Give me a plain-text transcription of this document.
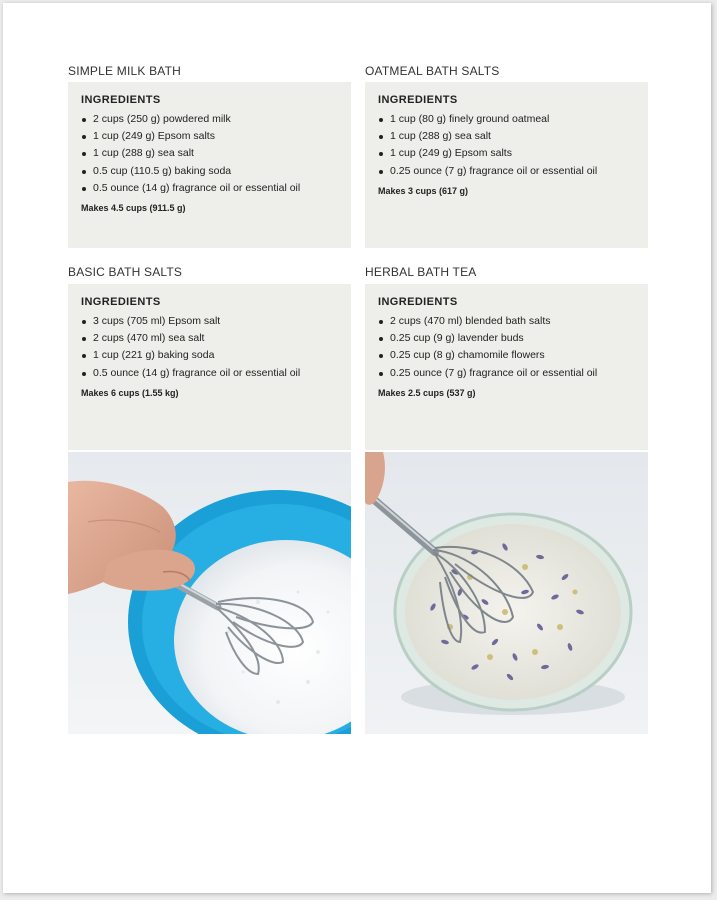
SIMPLE MILK BATH
INGREDIENTS
2 cups (250 g) powdered milk
1 cup (249 g) Epsom salts
1 cup (288 g) sea salt
0.5 cup (110.5 g) baking soda
0.5 ounce (14 g) fragrance oil or essential oil
Makes 4.5 cups (911.5 g)
BASIC BATH SALTS
INGREDIENTS
3 cups (705 ml) Epsom salt
2 cups (470 ml) sea salt
1 cup (221 g) baking soda
0.5 ounce (14 g) fragrance oil or essential oil
Makes 6 cups (1.55 kg)
OATMEAL BATH SALTS
INGREDIENTS
1 cup (80 g) finely ground oatmeal
1 cup (288 g) sea salt
1 cup (249 g) Epsom salts
0.25 ounce (7 g) fragrance oil or essential oil
Makes 3 cups (617 g)
HERBAL BATH TEA
INGREDIENTS
2 cups (470 ml) blended bath salts
0.25 cup (9 g) lavender buds
0.25 cup (8 g) chamomile flowers
0.25 ounce (7 g) fragrance oil or essential oil
Makes 2.5 cups (537 g)
